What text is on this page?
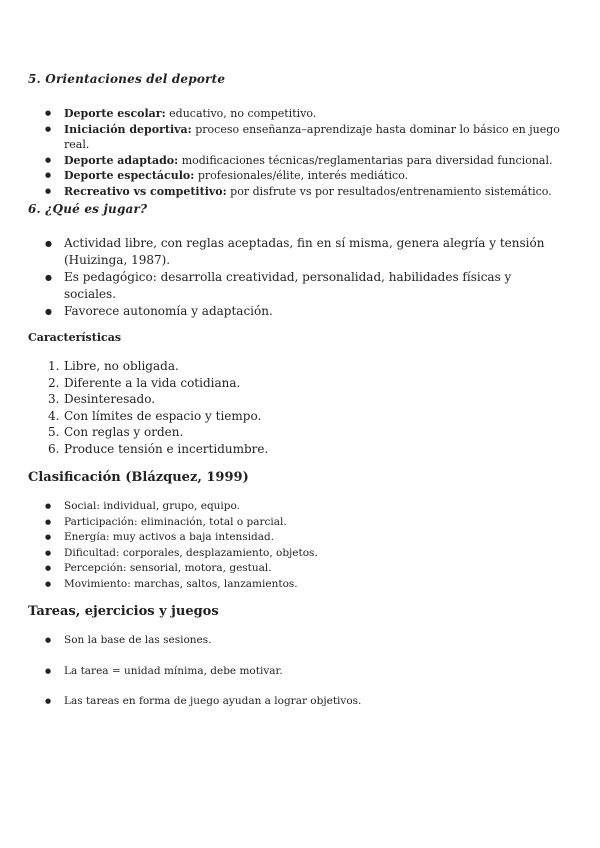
5. Orientaciones del deporte
● Deporte escolar: educativo, no competitivo.
● Iniciación deportiva: proceso enseñanza–aprendizaje hasta dominar lo básico en juego real.
● Deporte adaptado: modificaciones técnicas/reglamentarias para diversidad funcional.
● Deporte espectáculo: profesionales/élite, interés mediático.
● Recreativo vs competitivo: por disfrute vs por resultados/entrenamiento sistemático.
6. ¿Qué es jugar?
● Actividad libre, con reglas aceptadas, fin en sí misma, genera alegría y tensión (Huizinga, 1987).
● Es pedagógico: desarrolla creatividad, personalidad, habilidades físicas y sociales.
● Favorece autonomía y adaptación.
Características
1. Libre, no obligada.
2. Diferente a la vida cotidiana.
3. Desinteresado.
4. Con límites de espacio y tiempo.
5. Con reglas y orden.
6. Produce tensión e incertidumbre.
Clasificación (Blázquez, 1999)
● Social: individual, grupo, equipo.
● Participación: eliminación, total o parcial.
● Energía: muy activos a baja intensidad.
● Dificultad: corporales, desplazamiento, objetos.
● Percepción: sensorial, motora, gestual.
● Movimiento: marchas, saltos, lanzamientos.
Tareas, ejercicios y juegos
● Son la base de las sesiones.
● La tarea = unidad mínima, debe motivar.
● Las tareas en forma de juego ayudan a lograr objetivos.
